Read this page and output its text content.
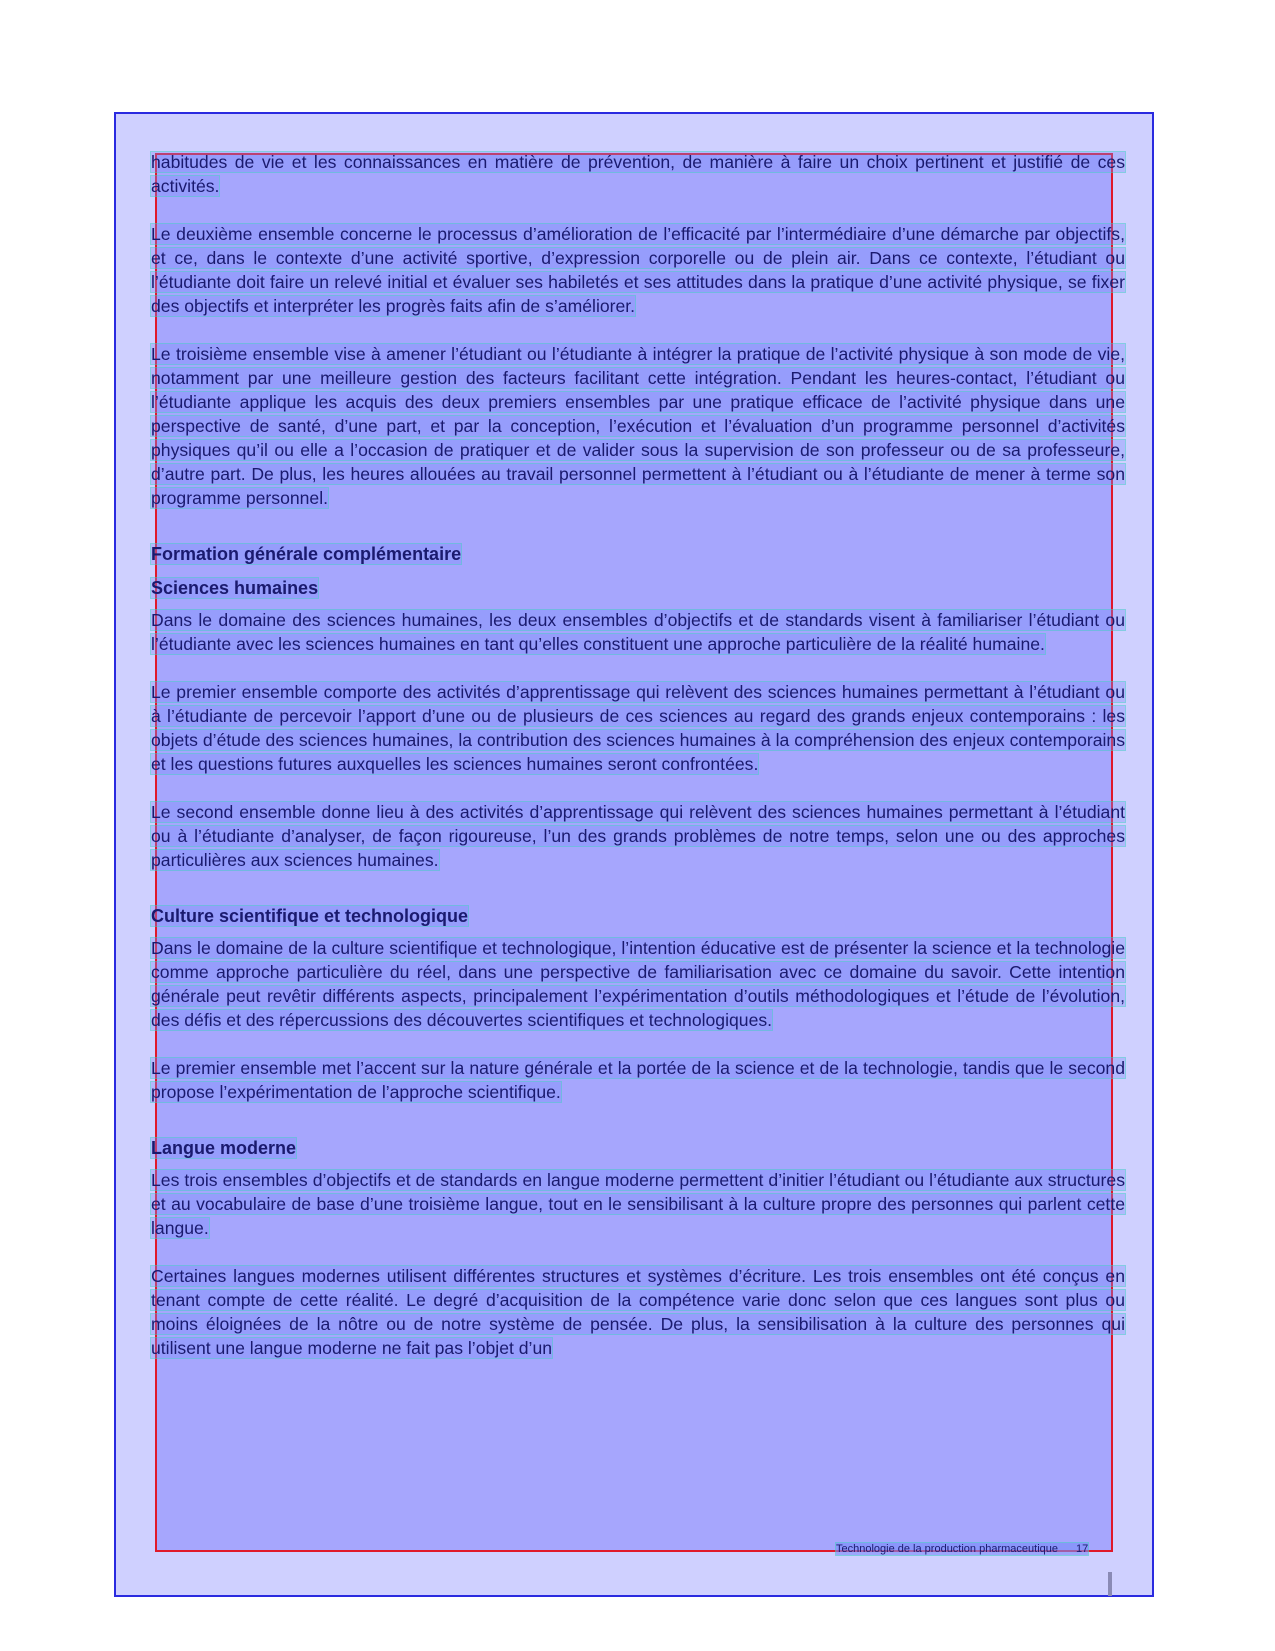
habitudes de vie et les connaissances en matière de prévention, de manière à faire un choix pertinent et justifié de ces activités.

Le deuxième ensemble concerne le processus d’amélioration de l’efficacité par l’intermédiaire d’une démarche par objectifs, et ce, dans le contexte d’une activité sportive, d’expression corporelle ou de plein air. Dans ce contexte, l’étudiant ou l’étudiante doit faire un relevé initial et évaluer ses habiletés et ses attitudes dans la pratique d’une activité physique, se fixer des objectifs et interpréter les progrès faits afin de s’améliorer.

Le troisième ensemble vise à amener l’étudiant ou l’étudiante à intégrer la pratique de l’activité physique à son mode de vie, notamment par une meilleure gestion des facteurs facilitant cette intégration. Pendant les heures-contact, l’étudiant ou l’étudiante applique les acquis des deux premiers ensembles par une pratique efficace de l’activité physique dans une perspective de santé, d’une part, et par la conception, l’exécution et l’évaluation d’un programme personnel d’activités physiques qu’il ou elle a l’occasion de pratiquer et de valider sous la supervision de son professeur ou de sa professeure, d’autre part. De plus, les heures allouées au travail personnel permettent à l’étudiant ou à l’étudiante de mener à terme son programme personnel.

Formation générale complémentaire
Sciences humaines

Dans le domaine des sciences humaines, les deux ensembles d’objectifs et de standards visent à familiariser l’étudiant ou l’étudiante avec les sciences humaines en tant qu’elles constituent une approche particulière de la réalité humaine.

Le premier ensemble comporte des activités d’apprentissage qui relèvent des sciences humaines permettant à l’étudiant ou à l’étudiante de percevoir l’apport d’une ou de plusieurs de ces sciences au regard des grands enjeux contemporains : les objets d’étude des sciences humaines, la contribution des sciences humaines à la compréhension des enjeux contemporains et les questions futures auxquelles les sciences humaines seront confrontées.

Le second ensemble donne lieu à des activités d’apprentissage qui relèvent des sciences humaines permettant à l’étudiant ou à l’étudiante d’analyser, de façon rigoureuse, l’un des grands problèmes de notre temps, selon une ou des approches particulières aux sciences humaines.

Culture scientifique et technologique

Dans le domaine de la culture scientifique et technologique, l’intention éducative est de présenter la science et la technologie comme approche particulière du réel, dans une perspective de familiarisation avec ce domaine du savoir. Cette intention générale peut revêtir différents aspects, principalement l’expérimentation d’outils méthodologiques et l’étude de l’évolution, des défis et des répercussions des découvertes scientifiques et technologiques.

Le premier ensemble met l’accent sur la nature générale et la portée de la science et de la technologie, tandis que le second propose l’expérimentation de l’approche scientifique.

Langue moderne

Les trois ensembles d’objectifs et de standards en langue moderne permettent d’initier l’étudiant ou l’étudiante aux structures et au vocabulaire de base d’une troisième langue, tout en le sensibilisant à la culture propre des personnes qui parlent cette langue.

Certaines langues modernes utilisent différentes structures et systèmes d’écriture. Les trois ensembles ont été conçus en tenant compte de cette réalité. Le degré d’acquisition de la compétence varie donc selon que ces langues sont plus ou moins éloignées de la nôtre ou de notre système de pensée. De plus, la sensibilisation à la culture des personnes qui utilisent une langue moderne ne fait pas l’objet d’un

Technologie de la production pharmaceutique 17
